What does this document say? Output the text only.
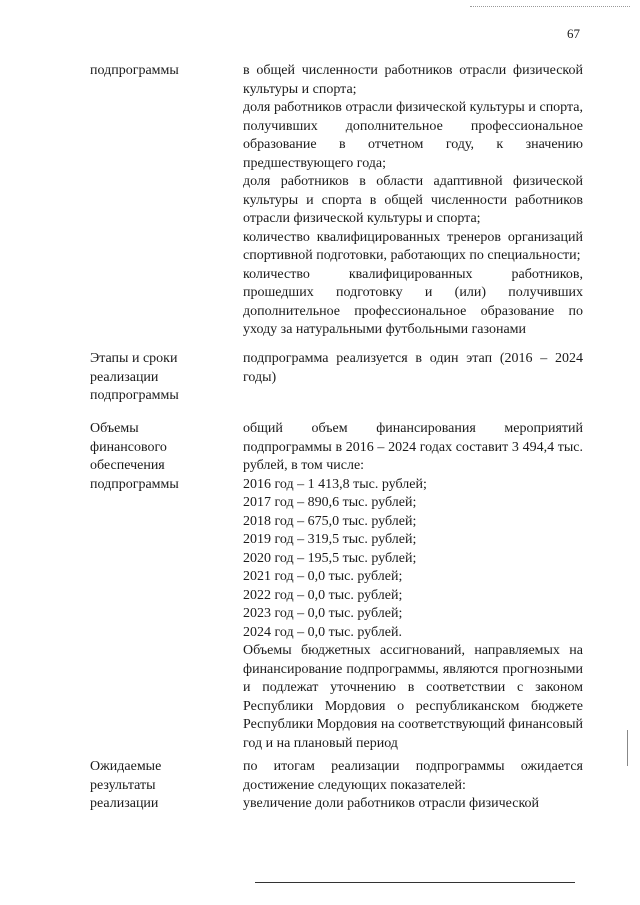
67
подпрограммы	в общей численности работников отрасли физической культуры и спорта;

доля работников отрасли физической культуры и спорта, получивших дополнительное профессиональное образование в отчетном году, к значению предшествующего года;

доля работников в области адаптивной физической культуры и спорта в общей численности работников отрасли физической культуры и спорта;

количество квалифицированных тренеров организаций спортивной подготовки, работающих по специальности;

количество квалифицированных работников, прошедших подготовку и (или) получивших дополнительное профессиональное образование по уходу за натуральными футбольными газонами

Этапы и сроки реализации подпрограммы

подпрограмма реализуется в один этап (2016 – 2024 годы)

Объемы финансового обеспечения подпрограммы

общий объем финансирования мероприятий подпрограммы в 2016 – 2024 годах составит 3 494,4 тыс. рублей, в том числе:

2016 год – 1 413,8 тыс. рублей;

2017 год – 890,6 тыс. рублей;

2018 год – 675,0 тыс. рублей;

2019 год – 319,5 тыс. рублей;

2020 год – 195,5 тыс. рублей;

2021 год – 0,0 тыс. рублей;

2022 год – 0,0 тыс. рублей;

2023 год – 0,0 тыс. рублей;

2024 год – 0,0 тыс. рублей.

Объемы бюджетных ассигнований, направляемых на финансирование подпрограммы, являются прогнозными и подлежат уточнению в соответствии с законом Республики Мордовия о республиканском бюджете Республики Мордовия на соответствующий финансовый год и на плановый период

Ожидаемые результаты реализации

по итогам реализации подпрограммы ожидается достижение следующих показателей:

увеличение доли работников отрасли физической
